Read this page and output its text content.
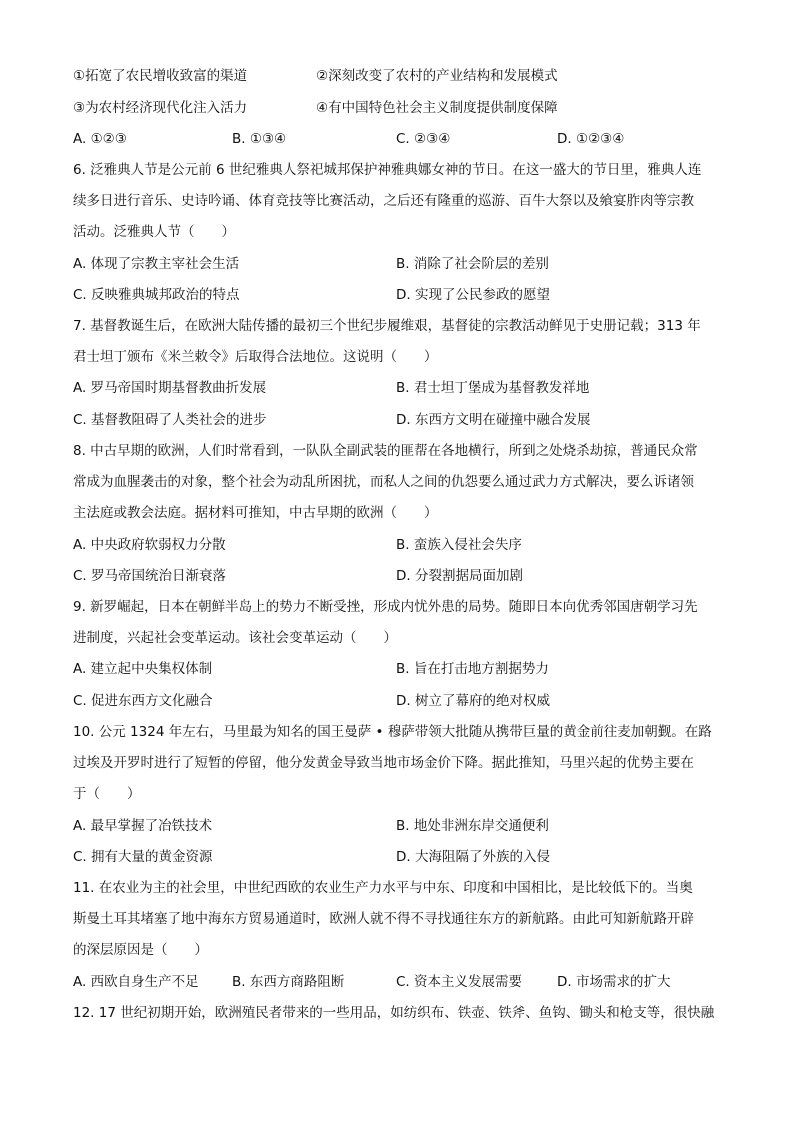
①拓宽了农民增收致富的渠道	②深刻改变了农村的产业结构和发展模式
③为农村经济现代化注入活力	④有中国特色社会主义制度提供制度保障
A. ①②③	B. ①③④	C. ②③④	D. ①②③④
6. 泛雅典人节是公元前 6 世纪雅典人祭祀城邦保护神雅典娜女神的节日。在这一盛大的节日里，雅典人连
续多日进行音乐、史诗吟诵、体育竞技等比赛活动，之后还有隆重的巡游、百牛大祭以及飨宴胙肉等宗教
活动。泛雅典人节（　　）
A. 体现了宗教主宰社会生活	B. 消除了社会阶层的差别
C. 反映雅典城邦政治的特点	D. 实现了公民参政的愿望
7. 基督教诞生后，在欧洲大陆传播的最初三个世纪步履维艰，基督徒的宗教活动鲜见于史册记载；313 年
君士坦丁颁布《米兰敕令》后取得合法地位。这说明（　　）
A. 罗马帝国时期基督教曲折发展	B. 君士坦丁堡成为基督教发祥地
C. 基督教阻碍了人类社会的进步	D. 东西方文明在碰撞中融合发展
8. 中古早期的欧洲，人们时常看到，一队队全副武装的匪帮在各地横行，所到之处烧杀劫掠，普通民众常
常成为血腥袭击的对象，整个社会为动乱所困扰，而私人之间的仇怨要么通过武力方式解决，要么诉诸领
主法庭或教会法庭。据材料可推知，中古早期的欧洲（　　）
A. 中央政府软弱权力分散	B. 蛮族入侵社会失序
C. 罗马帝国统治日渐衰落	D. 分裂割据局面加剧
9. 新罗崛起，日本在朝鲜半岛上的势力不断受挫，形成内忧外患的局势。随即日本向优秀邻国唐朝学习先
进制度，兴起社会变革运动。该社会变革运动（　　）
A. 建立起中央集权体制	B. 旨在打击地方割据势力
C. 促进东西方文化融合	D. 树立了幕府的绝对权威
10. 公元 1324 年左右，马里最为知名的国王曼萨 • 穆萨带领大批随从携带巨量的黄金前往麦加朝觐。在路
过埃及开罗时进行了短暂的停留，他分发黄金导致当地市场金价下降。据此推知，马里兴起的优势主要在
于（　　）
A. 最早掌握了冶铁技术	B. 地处非洲东岸交通便利
C. 拥有大量的黄金资源	D. 大海阻隔了外族的入侵
11. 在农业为主的社会里，中世纪西欧的农业生产力水平与中东、印度和中国相比，是比较低下的。当奥
斯曼土耳其堵塞了地中海东方贸易通道时，欧洲人就不得不寻找通往东方的新航路。由此可知新航路开辟
的深层原因是（　　）
A. 西欧自身生产不足 B. 东西方商路阻断	C. 资本主义发展需要	D. 市场需求的扩大
12. 17 世纪初期开始，欧洲殖民者带来的一些用品，如纺织布、铁壶、铁斧、鱼钩、锄头和枪支等，很快融
